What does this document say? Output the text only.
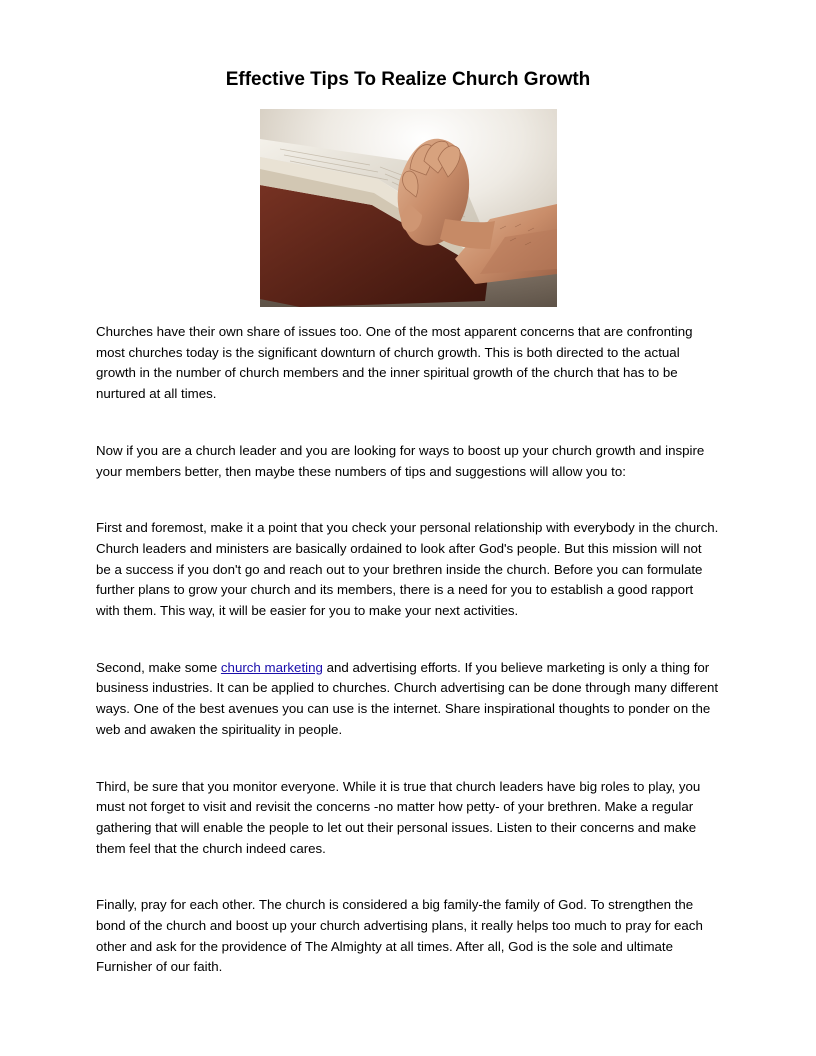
Effective Tips To Realize Church Growth

Churches have their own share of issues too. One of the most apparent concerns that are confronting most churches today is the significant downturn of church growth. This is both directed to the actual growth in the number of church members and the inner spiritual growth of the church that has to be nurtured at all times.

Now if you are a church leader and you are looking for ways to boost up your church growth and inspire your members better, then maybe these numbers of tips and suggestions will allow you to:

First and foremost, make it a point that you check your personal relationship with everybody in the church. Church leaders and ministers are basically ordained to look after God's people. But this mission will not be a success if you don't go and reach out to your brethren inside the church. Before you can formulate further plans to grow your church and its members, there is a need for you to establish a good rapport with them. This way, it will be easier for you to make your next activities.

Second, make some church marketing and advertising efforts. If you believe marketing is only a thing for business industries. It can be applied to churches. Church advertising can be done through many different ways. One of the best avenues you can use is the internet. Share inspirational thoughts to ponder on the web and awaken the spirituality in people.

Third, be sure that you monitor everyone. While it is true that church leaders have big roles to play, you must not forget to visit and revisit the concerns -no matter how petty- of your brethren. Make a regular gathering that will enable the people to let out their personal issues. Listen to their concerns and make them feel that the church indeed cares.

Finally, pray for each other. The church is considered a big family-the family of God. To strengthen the bond of the church and boost up your church advertising plans, it really helps too much to pray for each other and ask for the providence of The Almighty at all times. After all, God is the sole and ultimate Furnisher of our faith.
